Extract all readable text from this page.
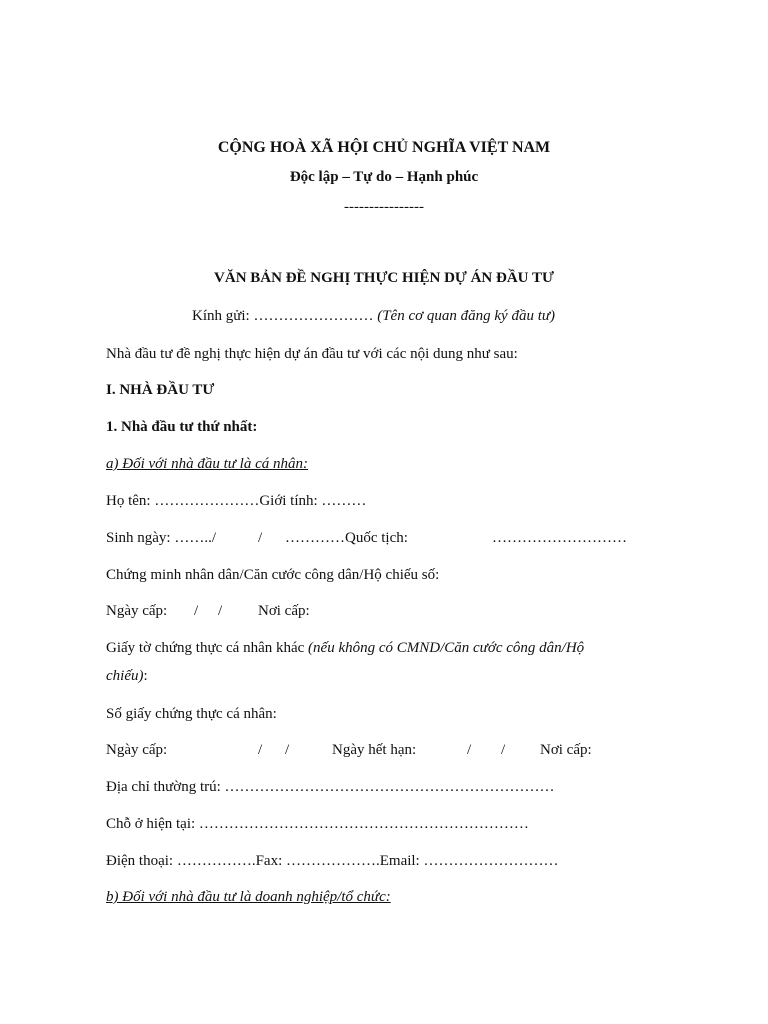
CỘNG HOÀ XÃ HỘI CHỦ NGHĨA VIỆT NAM
Độc lập – Tự do – Hạnh phúc
----------------
VĂN BẢN ĐỀ NGHỊ THỰC HIỆN DỰ ÁN ĐẦU TƯ
Kính gửi: …………………… (Tên cơ quan đăng ký đầu tư)
Nhà đầu tư đề nghị thực hiện dự án đầu tư với các nội dung như sau:
I. NHÀ ĐẦU TƯ
1. Nhà đầu tư thứ nhất:
a) Đối với nhà đầu tư là cá nhân:
Họ tên: …………………Giới tính: ………
Sinh ngày: ……../	/ …………Quốc tịch:	………………………
Chứng minh nhân dân/Căn cước công dân/Hộ chiếu số:
Ngày cấp: / / Nơi cấp:
Giấy tờ chứng thực cá nhân khác (nếu không có CMND/Căn cước công dân/Hộ
chiếu):
Số giấy chứng thực cá nhân:
Ngày cấp:	/ /	Ngày hết hạn:	/ / Nơi cấp:
Địa chỉ thường trú: …………………………………………………………
Chỗ ở hiện tại: …………………………………………………………
Điện thoại: …………….Fax: ……………….Email: ………………………
b) Đối với nhà đầu tư là doanh nghiệp/tổ chức:
